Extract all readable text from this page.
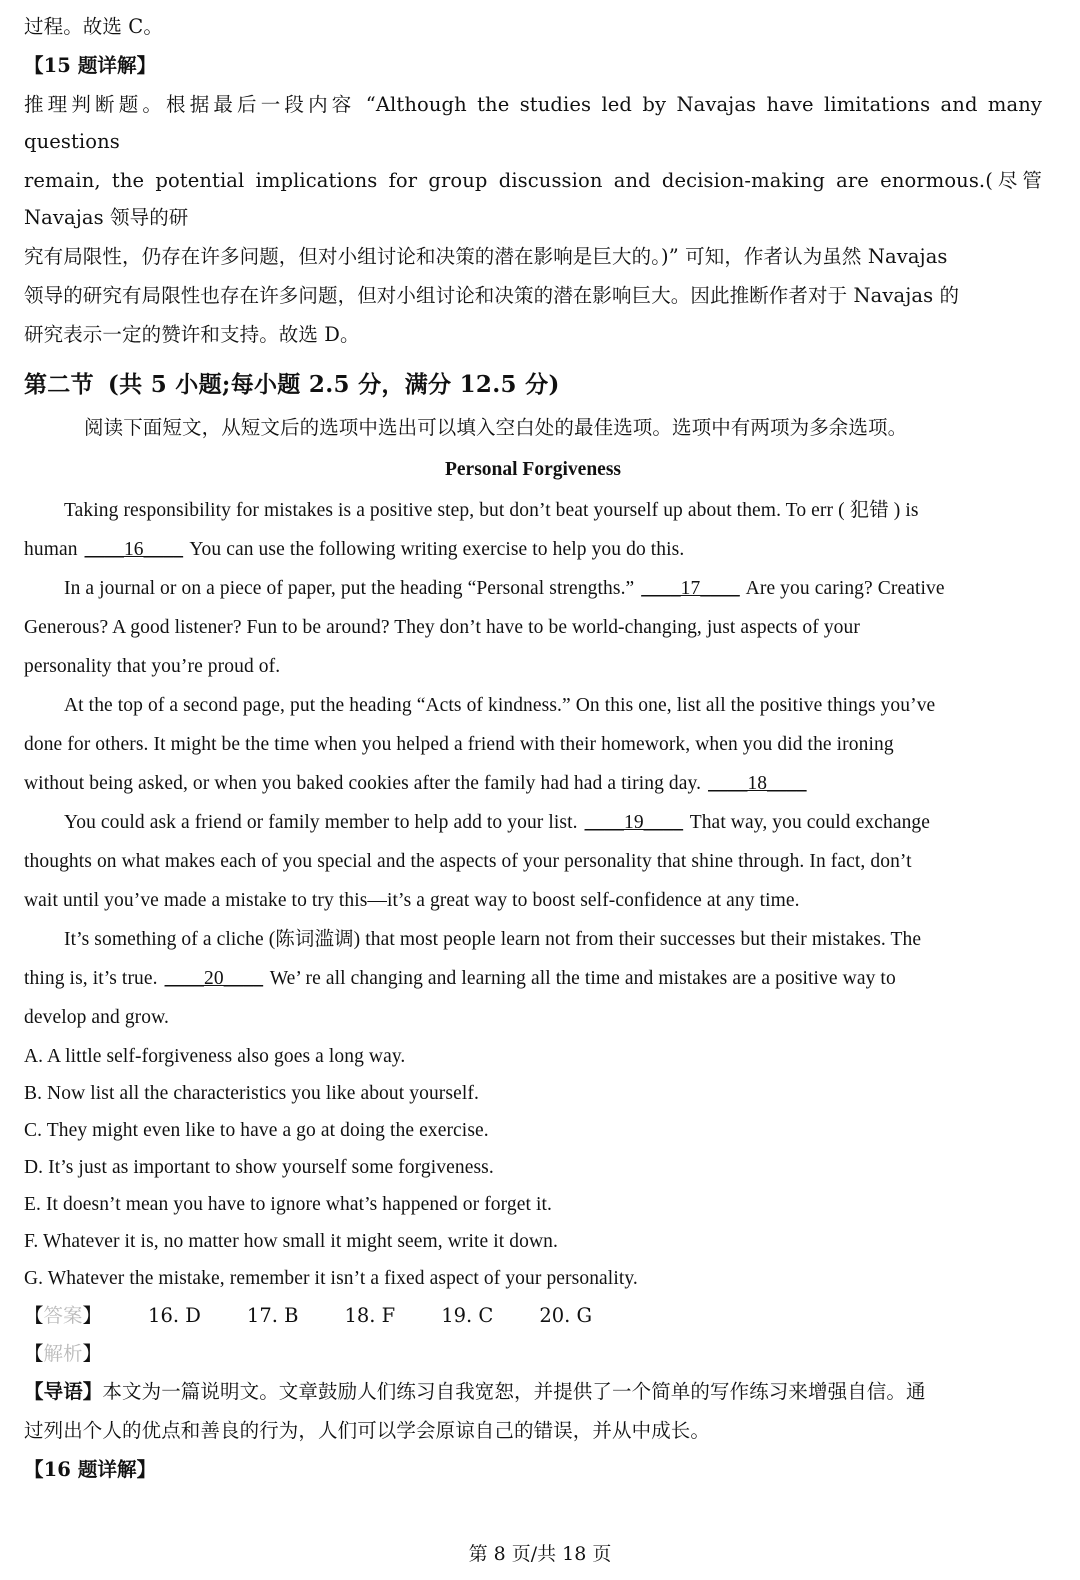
过程。故选 C。

【15 题详解】

推理判断题。根据最后一段内容 “Although the studies led by Navajas have limitations and many questions

remain, the potential implications for group discussion and decision-making are enormous.(尽管 Navajas 领导的研

究有局限性，仍存在许多问题，但对小组讨论和决策的潜在影响是巨大的。)” 可知，作者认为虽然 Navajas

领导的研究有局限性也存在许多问题，但对小组讨论和决策的潜在影响巨大。因此推断作者对于 Navajas 的

研究表示一定的赞许和支持。故选 D。

第二节 (共 5 小题;每小题 2.5 分，满分 12.5 分)

阅读下面短文，从短文后的选项中选出可以填入空白处的最佳选项。选项中有两项为多余选项。

Personal Forgiveness

Taking responsibility for mistakes is a positive step, but don’t beat yourself up about them. To err ( 犯错 ) is

human ____16____ You can use the following writing exercise to help you do this.

In a journal or on a piece of paper, put the heading “Personal strengths.” ____17____ Are you caring? Creative

Generous? A good listener? Fun to be around? They don’t have to be world-changing, just aspects of your

personality that you’re proud of.

At the top of a second page, put the heading “Acts of kindness.” On this one, list all the positive things you’ve

done for others. It might be the time when you helped a friend with their homework, when you did the ironing

without being asked, or when you baked cookies after the family had had a tiring day. ____18____

You could ask a friend or family member to help add to your list. ____19____ That way, you could exchange

thoughts on what makes each of you special and the aspects of your personality that shine through. In fact, don’t

wait until you’ve made a mistake to try this—it’s a great way to boost self-confidence at any time.

It’s something of a cliche (陈词滥调) that most people learn not from their successes but their mistakes. The

thing is, it’s true. ____20____ We’ re all changing and learning all the time and mistakes are a positive way to

develop and grow.

A. A little self-forgiveness also goes a long way.

B. Now list all the characteristics you like about yourself.

C. They might even like to have a go at doing the exercise.

D. It’s just as important to show yourself some forgiveness.

E. It doesn’t mean you have to ignore what’s happened or forget it.

F. Whatever it is, no matter how small it might seem, write it down.

G. Whatever the mistake, remember it isn’t a fixed aspect of your personality.

【答案】 16. D 17. B 18. F 19. C 20. G
【解析】

【导语】本文为一篇说明文。文章鼓励人们练习自我宽恕，并提供了一个简单的写作练习来增强自信。通

过列出个人的优点和善良的行为，人们可以学会原谅自己的错误，并从中成长。

【16 题详解】

第 8 页/共 18 页
